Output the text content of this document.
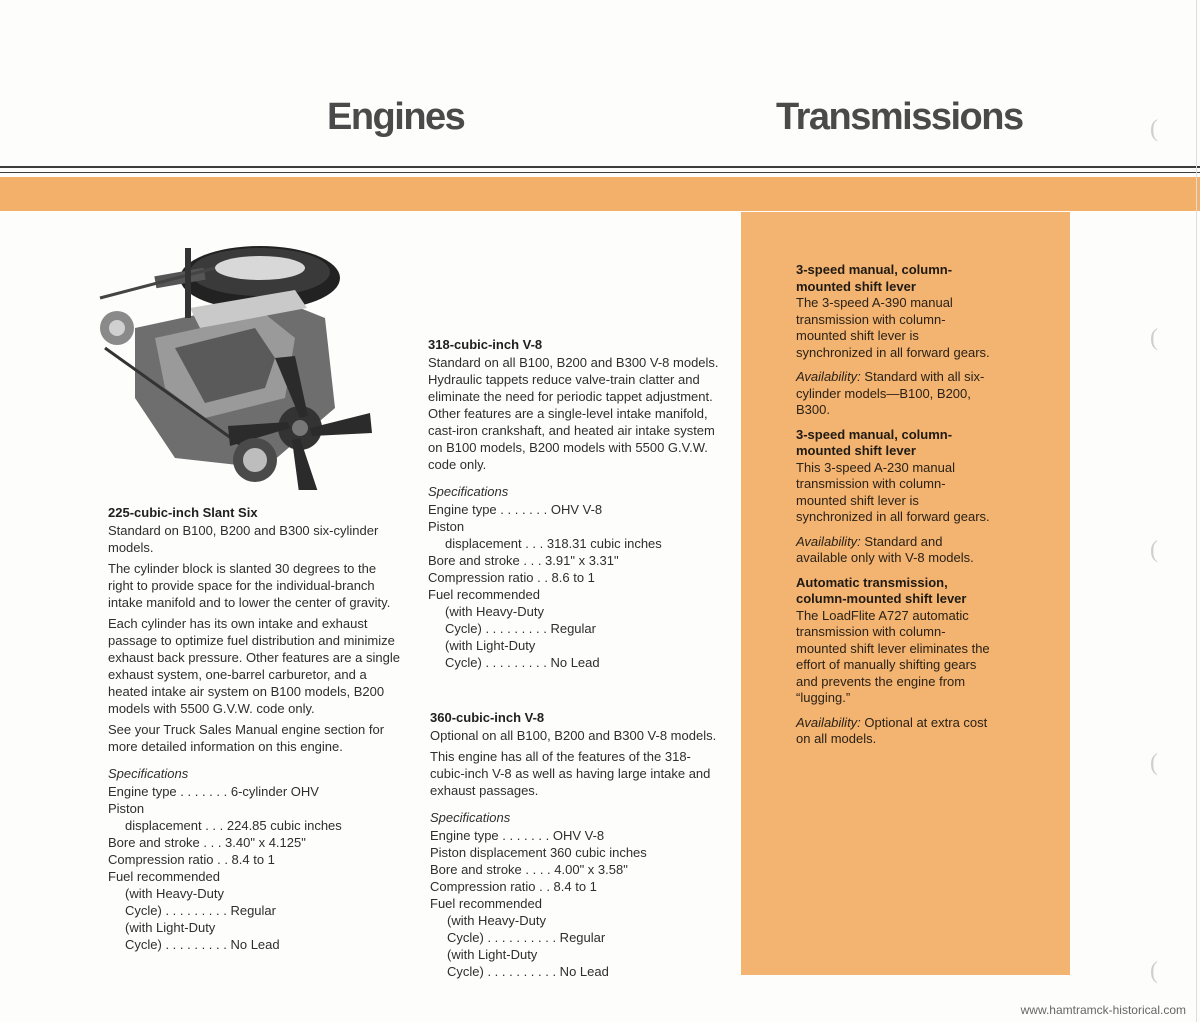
Engines	Transmissions
225-cubic-inch Slant Six

Standard on B100, B200 and B300 six-cylinder models.

The cylinder block is slanted 30 degrees to the right to provide space for the individual-branch intake manifold and to lower the center of gravity.

Each cylinder has its own intake and exhaust passage to optimize fuel distribution and minimize exhaust back pressure. Other features are a single exhaust system, one-barrel carburetor, and a heated intake air system on B100 models, B200 models with 5500 G.V.W. code only.

See your Truck Sales Manual engine section for more detailed information on this engine.

Specifications
Engine type . . . . . . . 6-cylinder OHV
Piston
displacement . . . 224.85 cubic inches
Bore and stroke . . . 3.40" x 4.125"
Compression ratio . . 8.4 to 1
Fuel recommended
(with Heavy-Duty
Cycle) . . . . . . . . . Regular
(with Light-Duty
Cycle) . . . . . . . . . No Lead
318-cubic-inch V-8

Standard on all B100, B200 and B300 V-8 models. Hydraulic tappets reduce valve-train clatter and eliminate the need for periodic tappet adjustment. Other features are a single-level intake manifold, cast-iron crankshaft, and heated air intake system on B100 models, B200 models with 5500 G.V.W. code only.

Specifications
Engine type . . . . . . . OHV V-8
Piston
displacement . . . 318.31 cubic inches
Bore and stroke . . . 3.91" x 3.31"
Compression ratio . . 8.6 to 1
Fuel recommended
(with Heavy-Duty
Cycle) . . . . . . . . . Regular
(with Light-Duty
Cycle) . . . . . . . . . No Lead
360-cubic-inch V-8

Optional on all B100, B200 and B300 V-8 models.

This engine has all of the features of the 318-cubic-inch V-8 as well as having large intake and exhaust passages.

Specifications
Engine type . . . . . . . OHV V-8
Piston displacement 360 cubic inches
Bore and stroke . . . . 4.00" x 3.58"
Compression ratio . . 8.4 to 1
Fuel recommended
(with Heavy-Duty
Cycle) . . . . . . . . . . Regular
(with Light-Duty
Cycle) . . . . . . . . . . No Lead
3-speed manual, column-mounted shift lever

The 3-speed A-390 manual transmission with column-mounted shift lever is synchronized in all forward gears.

Availability: Standard with all six-cylinder models—B100, B200, B300.

3-speed manual, column-mounted shift lever

This 3-speed A-230 manual transmission with column-mounted shift lever is synchronized in all forward gears.

Availability: Standard and available only with V-8 models.

Automatic transmission, column-mounted shift lever

The LoadFlite A727 automatic transmission with column-mounted shift lever eliminates the effort of manually shifting gears and prevents the engine from “lugging.”

Availability: Optional at extra cost on all models.

(
(
(
(
(
www.hamtramck-historical.com
